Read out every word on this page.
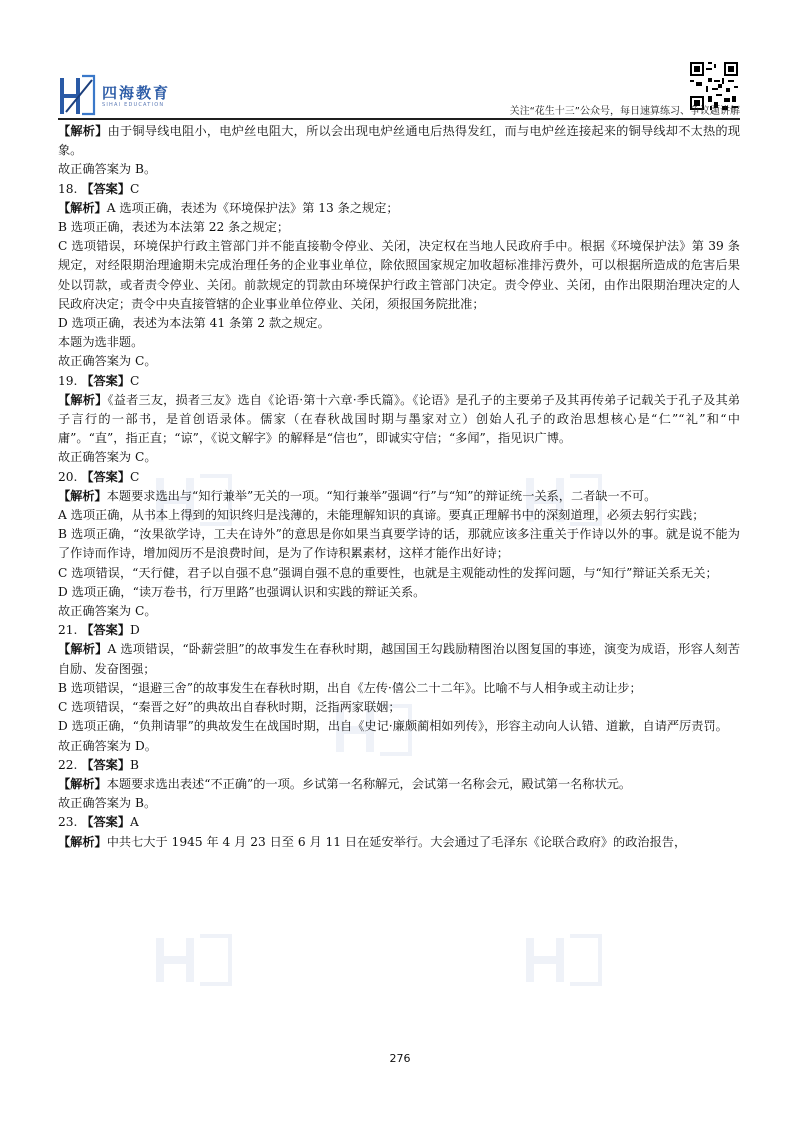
四海教育
SIHAI EDUCATION
关注“花生十三”公众号，每日速算练习、争议题讲解

【解析】由于铜导线电阻小，电炉丝电阻大，所以会出现电炉丝通电后热得发红，而与电炉丝连接起来的铜导线却不太热的现象。

故正确答案为 B。

18. 【答案】C

【解析】A 选项正确，表述为《环境保护法》第 13 条之规定；

B 选项正确，表述为本法第 22 条之规定；

C 选项错误，环境保护行政主管部门并不能直接勒令停业、关闭，决定权在当地人民政府手中。根据《环境保护法》第 39 条规定，对经限期治理逾期未完成治理任务的企业事业单位，除依照国家规定加收超标准排污费外，可以根据所造成的危害后果处以罚款，或者责令停业、关闭。前款规定的罚款由环境保护行政主管部门决定。责令停业、关闭，由作出限期治理决定的人民政府决定；责令中央直接管辖的企业事业单位停业、关闭，须报国务院批准；

D 选项正确，表述为本法第 41 条第 2 款之规定。

本题为选非题。

故正确答案为 C。

19. 【答案】C

【解析】《益者三友，损者三友》选自《论语·第十六章·季氏篇》。《论语》是孔子的主要弟子及其再传弟子记载关于孔子及其弟子言行的一部书，是首创语录体。儒家（在春秋战国时期与墨家对立）创始人孔子的政治思想核心是“仁”“礼”和“中庸”。“直”，指正直；“谅”，《说文解字》的解释是“信也”，即诚实守信；“多闻”，指见识广博。

故正确答案为 C。

20. 【答案】C

【解析】本题要求选出与“知行兼举”无关的一项。“知行兼举”强调“行”与“知”的辩证统一关系，二者缺一不可。

A 选项正确，从书本上得到的知识终归是浅薄的，未能理解知识的真谛。要真正理解书中的深刻道理，必须去躬行实践；

B 选项正确，“汝果欲学诗，工夫在诗外”的意思是你如果当真要学诗的话，那就应该多注重关于作诗以外的事。就是说不能为了作诗而作诗，增加阅历不是浪费时间，是为了作诗积累素材，这样才能作出好诗；

C 选项错误，“天行健，君子以自强不息”强调自强不息的重要性，也就是主观能动性的发挥问题，与“知行”辩证关系无关；

D 选项正确，“读万卷书，行万里路”也强调认识和实践的辩证关系。

故正确答案为 C。

21. 【答案】D

【解析】A 选项错误，“卧薪尝胆”的故事发生在春秋时期，越国国王勾践励精图治以图复国的事迹，演变为成语，形容人刻苦自励、发奋图强；

B 选项错误，“退避三舍”的故事发生在春秋时期，出自《左传·僖公二十二年》。比喻不与人相争或主动让步；

C 选项错误，“秦晋之好”的典故出自春秋时期，泛指两家联姻；

D 选项正确，“负荆请罪”的典故发生在战国时期，出自《史记·廉颇蔺相如列传》，形容主动向人认错、道歉，自请严厉责罚。

故正确答案为 D。

22. 【答案】B

【解析】本题要求选出表述“不正确”的一项。乡试第一名称解元，会试第一名称会元，殿试第一名称状元。

故正确答案为 B。

23. 【答案】A

【解析】中共七大于 1945 年 4 月 23 日至 6 月 11 日在延安举行。大会通过了毛泽东《论联合政府》的政治报告，

276
